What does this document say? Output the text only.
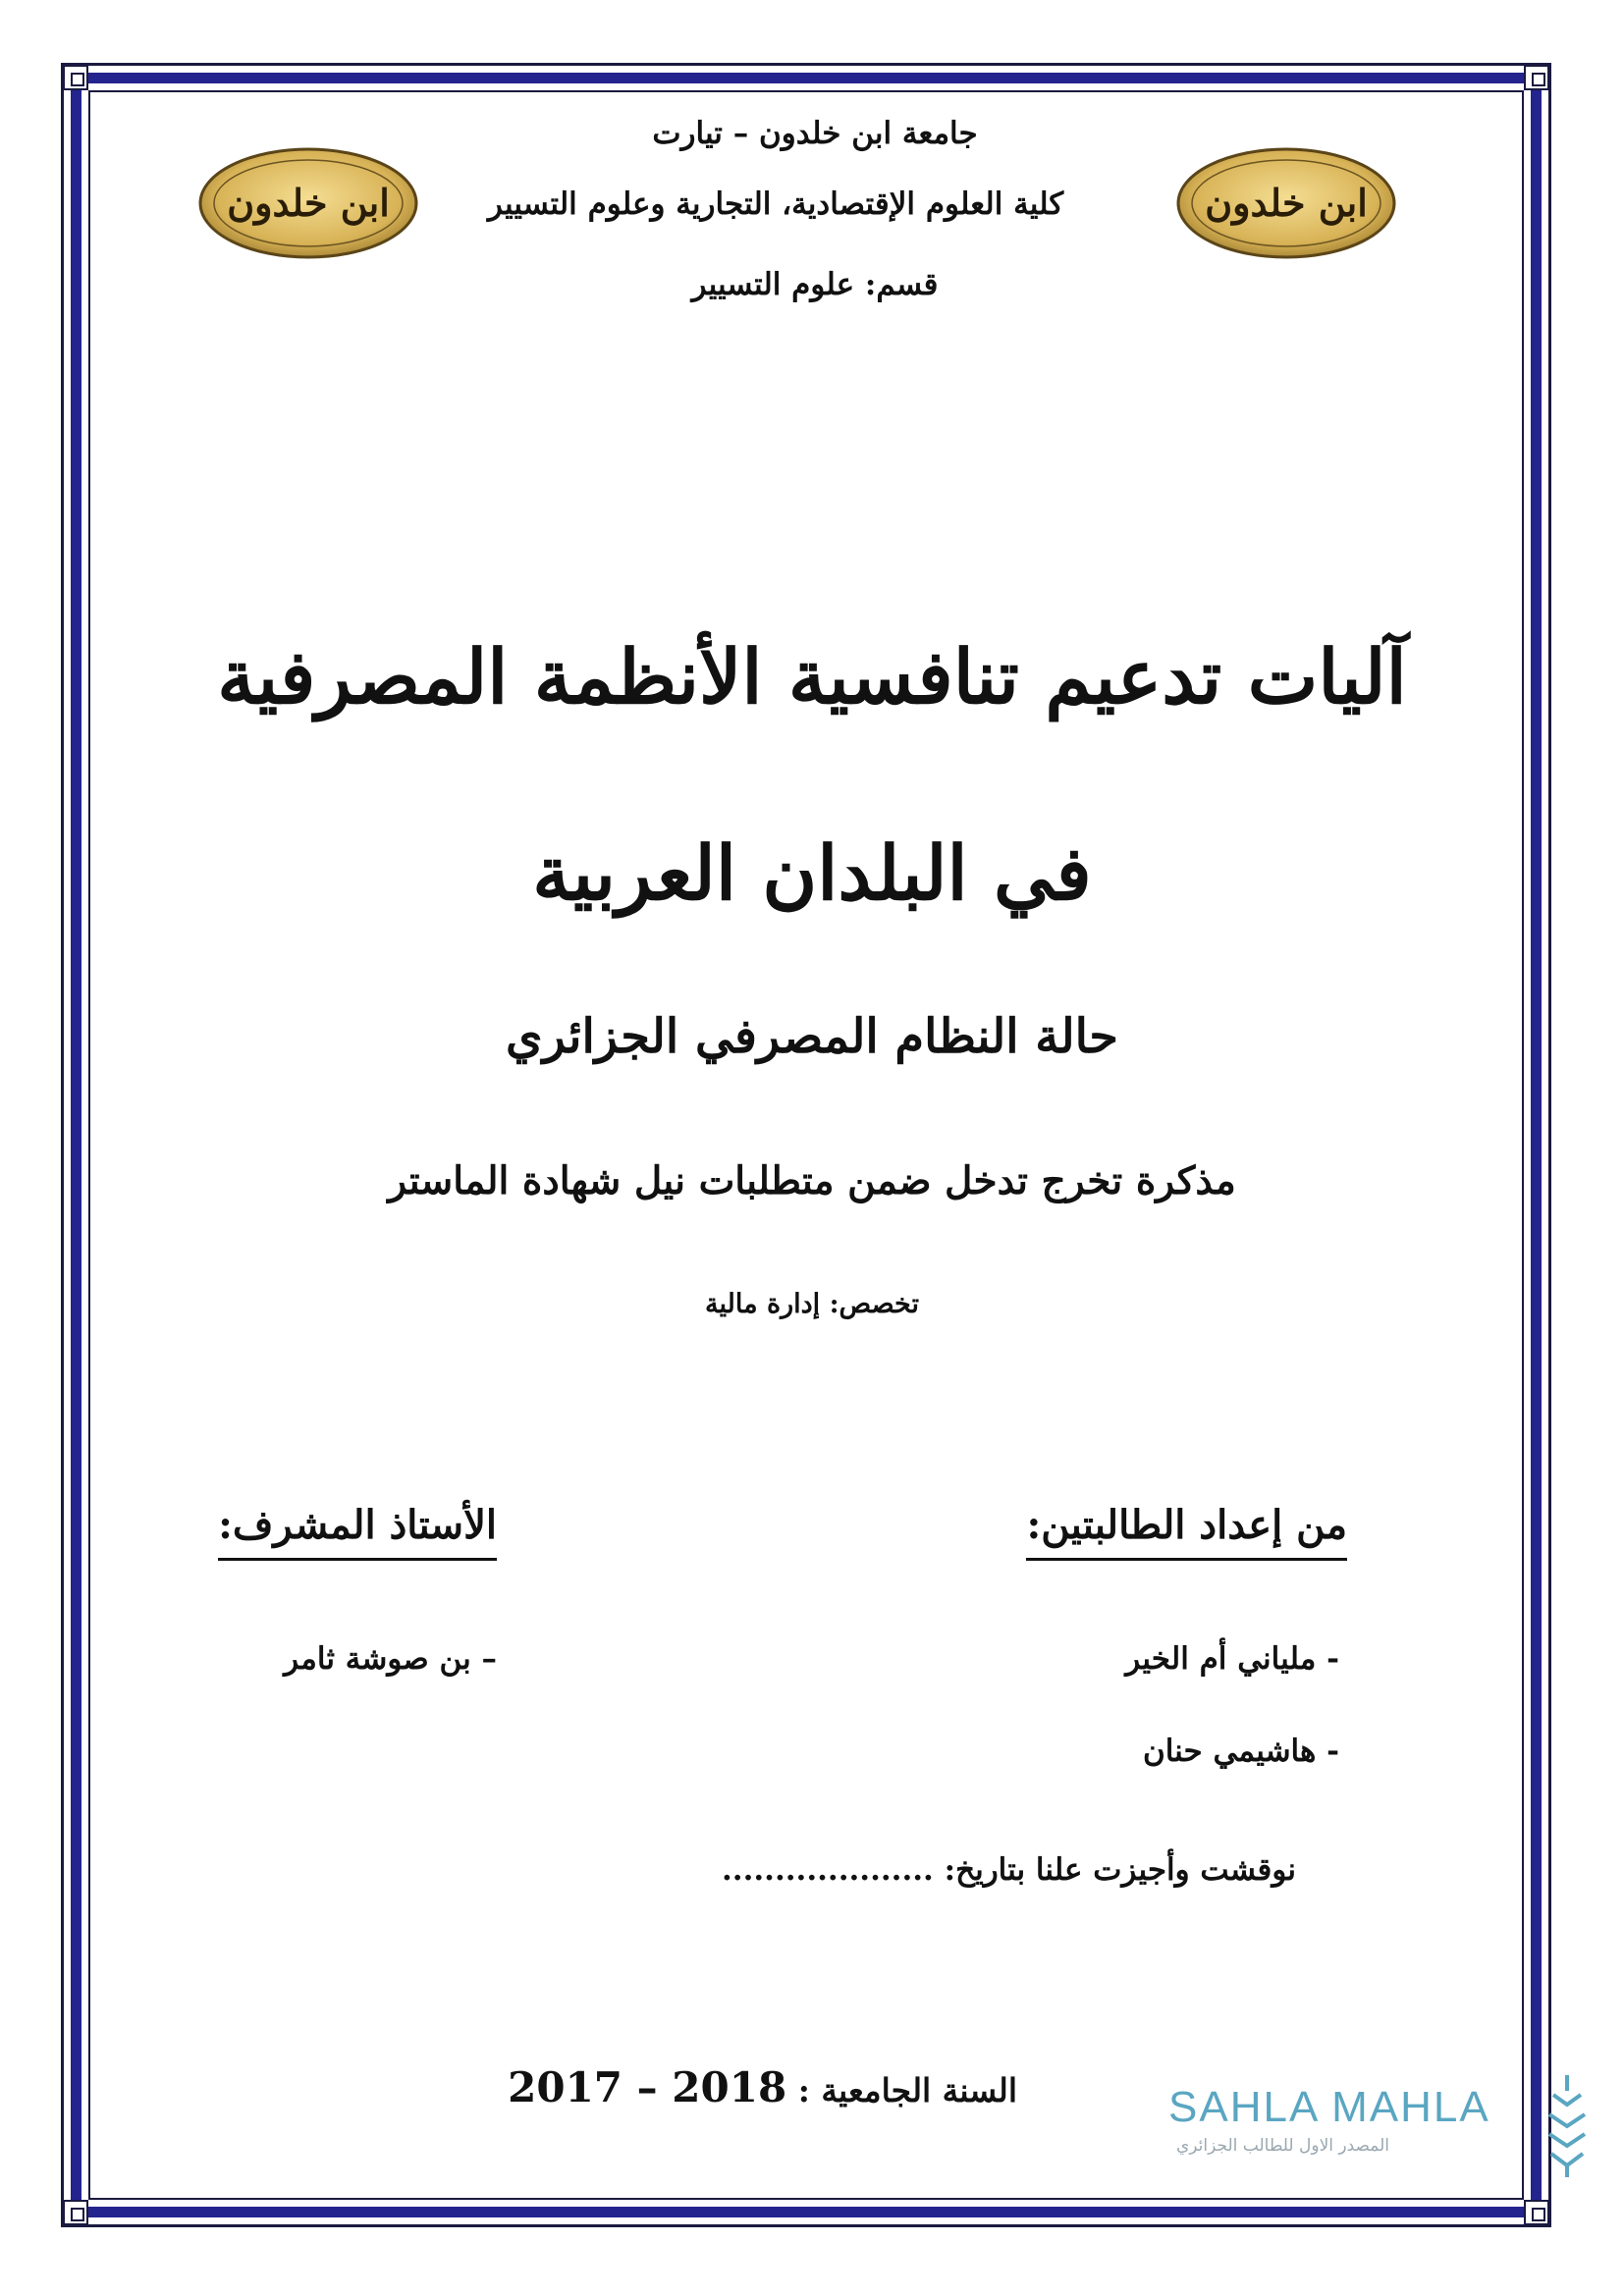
ابن خلدون
ابن خلدون
جامعة ابن خلدون – تيارت
كلية العلوم الإقتصادية، التجارية وعلوم التسيير
قسم: علوم التسيير
آليات تدعيم تنافسية الأنظمة المصرفية
في البلدان العربية
حالة النظام المصرفي الجزائري
مذكرة تخرج تدخل ضمن متطلبات نيل شهادة الماستر
تخصص: إدارة مالية
من إعداد الطالبتين:
الأستاذ المشرف:
- ملياني أم الخير
- هاشيمي حنان
– بن صوشة ثامر
نوقشت وأجيزت علنا بتاريخ: ....................
السنة الجامعية : 2017 – 2018	SAHLA MAHLA
المصدر الاول للطالب الجزائري
